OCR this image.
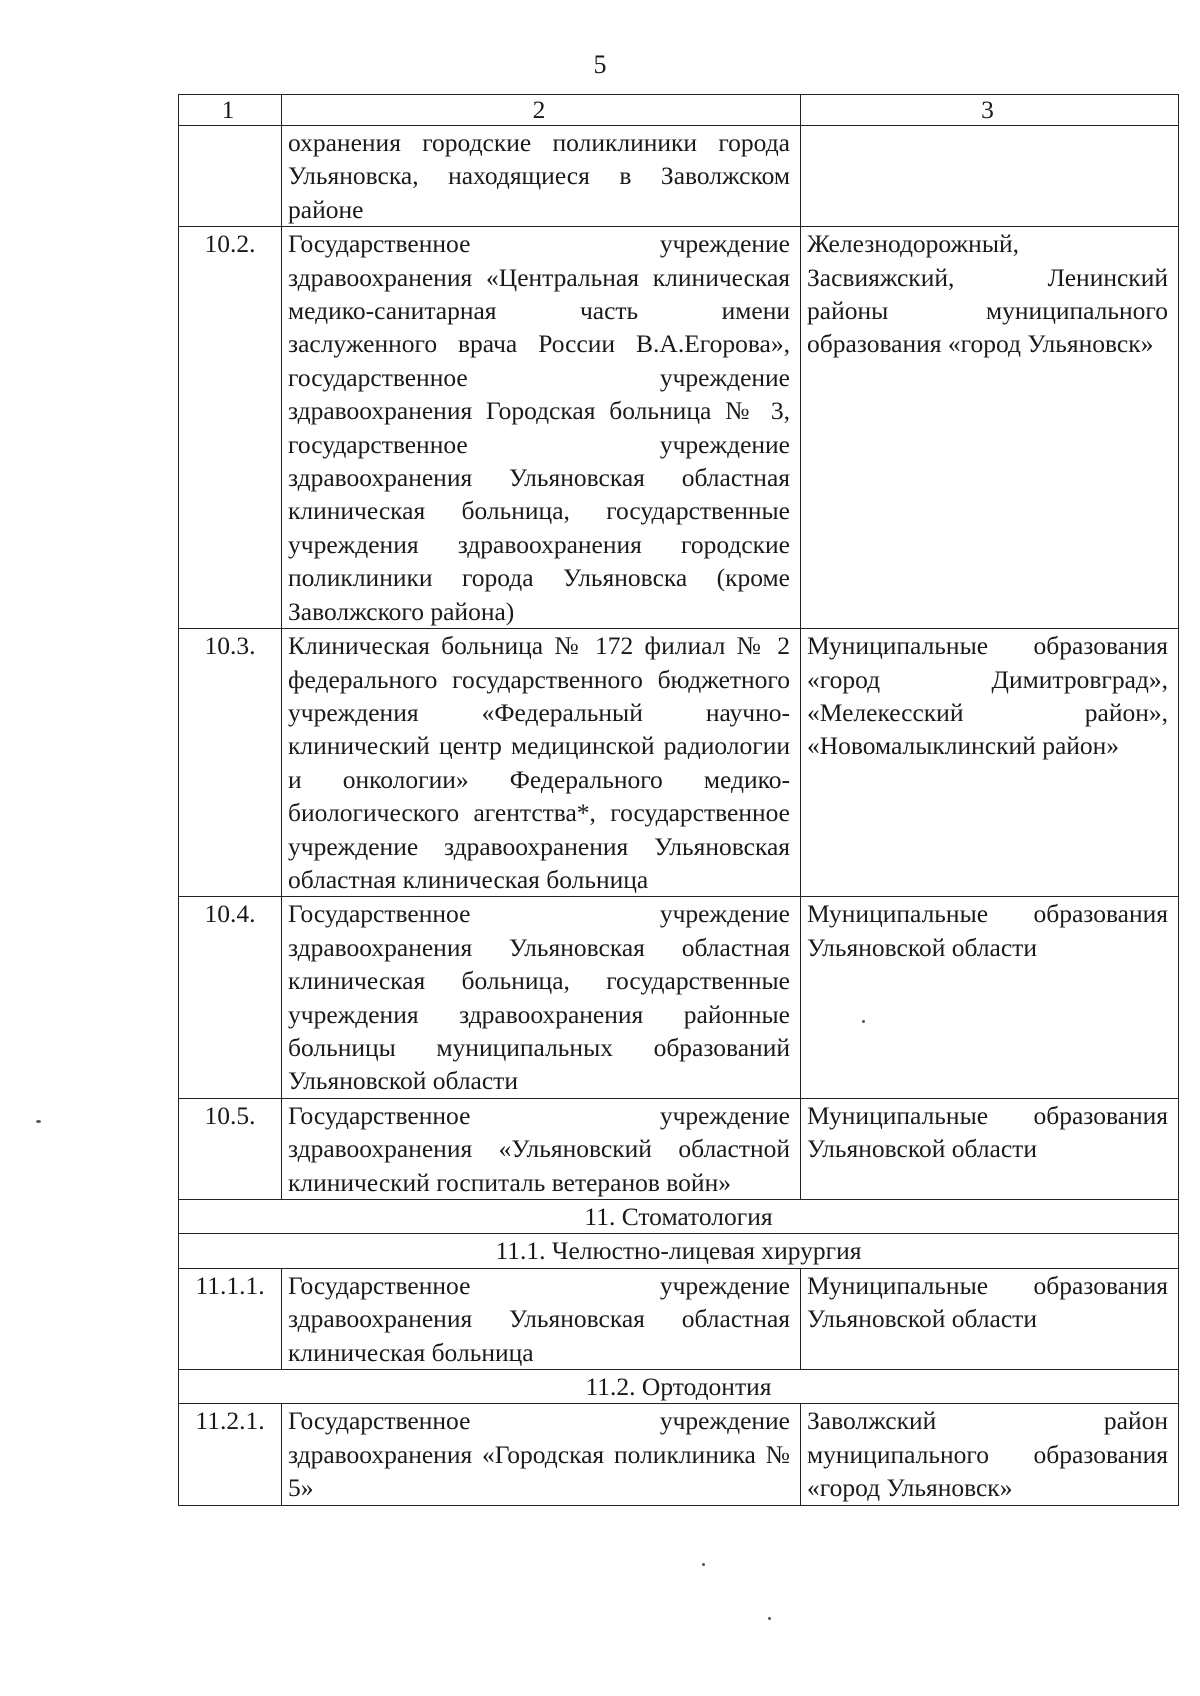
5
1	2	3
	охранения городские поликлиники города Ульяновска, находящиеся в Заволжском районе	
10.2.	Государственное учреждение здравоохранения «Центральная клиническая медико-санитарная часть имени заслуженного врача России В.А.Егорова», государственное учреждение здравоохранения Городская больница № 3, государственное учреждение здравоохранения Ульяновская областная клиническая больница, государственные учреждения здравоохранения городские поликлиники города Ульяновска (кроме Заволжского района)	Железнодорожный, Засвияжский, Ленинский районы муниципального образования «город Ульяновск»
10.3.	Клиническая больница № 172 филиал № 2 федерального государственного бюджетного учреждения «Федеральный научно-клинический центр медицинской радиологии и онкологии» Федерального медико-биологического агентства*, государственное учреждение здравоохранения Ульяновская областная клиническая больница	Муниципальные образования «город Димитровград», «Мелекесский район», «Новомалыклинский район»
10.4.	Государственное учреждение здравоохранения Ульяновская областная клиническая больница, государственные учреждения здравоохранения районные больницы муниципальных образований Ульяновской области	Муниципальные образования Ульяновской области
10.5.	Государственное учреждение здравоохранения «Ульяновский областной клинический госпиталь ветеранов войн»	Муниципальные образования Ульяновской области
11. Стоматология		
11.1. Челюстно-лицевая хирургия		
11.1.1.	Государственное учреждение здравоохранения Ульяновская областная клиническая больница	Муниципальные образования Ульяновской области
11.2. Ортодонтия		
11.2.1.	Государственное учреждение здравоохранения «Городская поликлиника № 5»	Заволжский район муниципального образования «город Ульяновск»
